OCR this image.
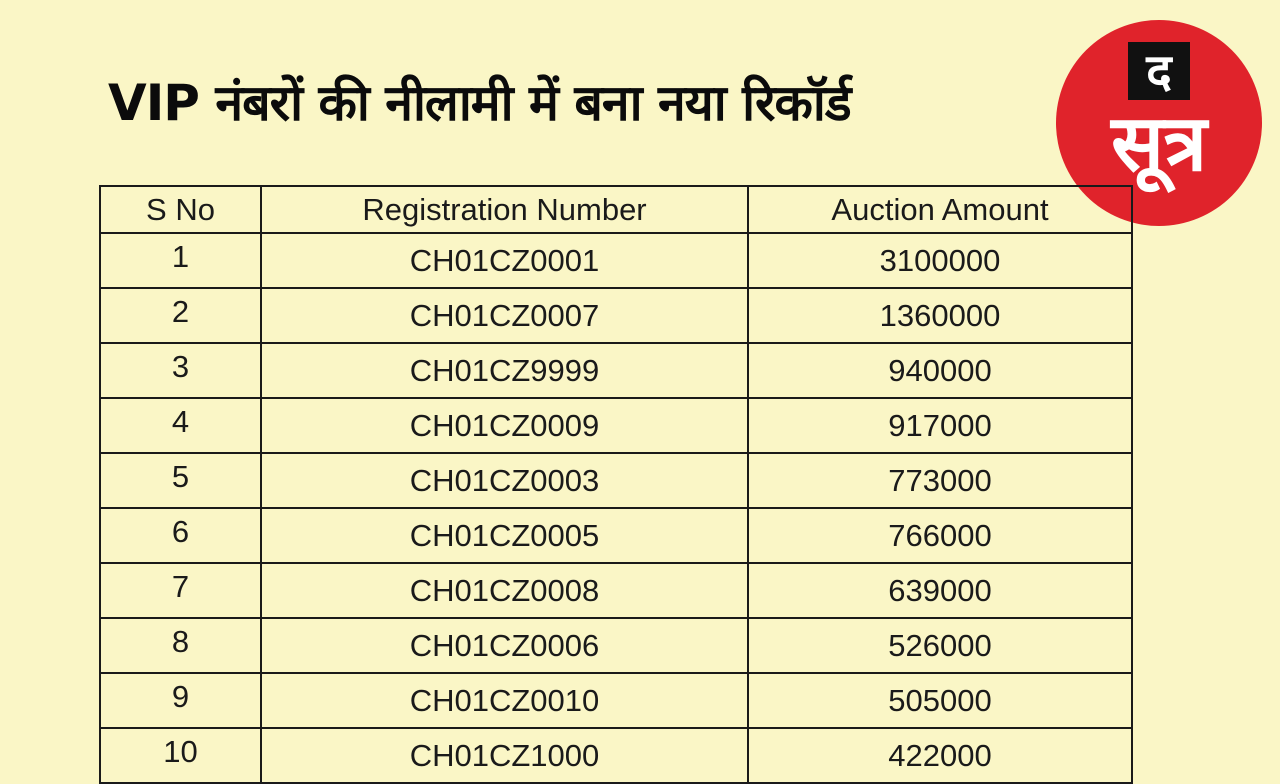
VIP नंबरों की नीलामी में बना नया रिकॉर्ड
द
सूत्र
S No	Registration Number	Auction Amount
1	CH01CZ0001	3100000
2	CH01CZ0007	1360000
3	CH01CZ9999	940000
4	CH01CZ0009	917000
5	CH01CZ0003	773000
6	CH01CZ0005	766000
7	CH01CZ0008	639000
8	CH01CZ0006	526000
9	CH01CZ0010	505000
10	CH01CZ1000	422000
